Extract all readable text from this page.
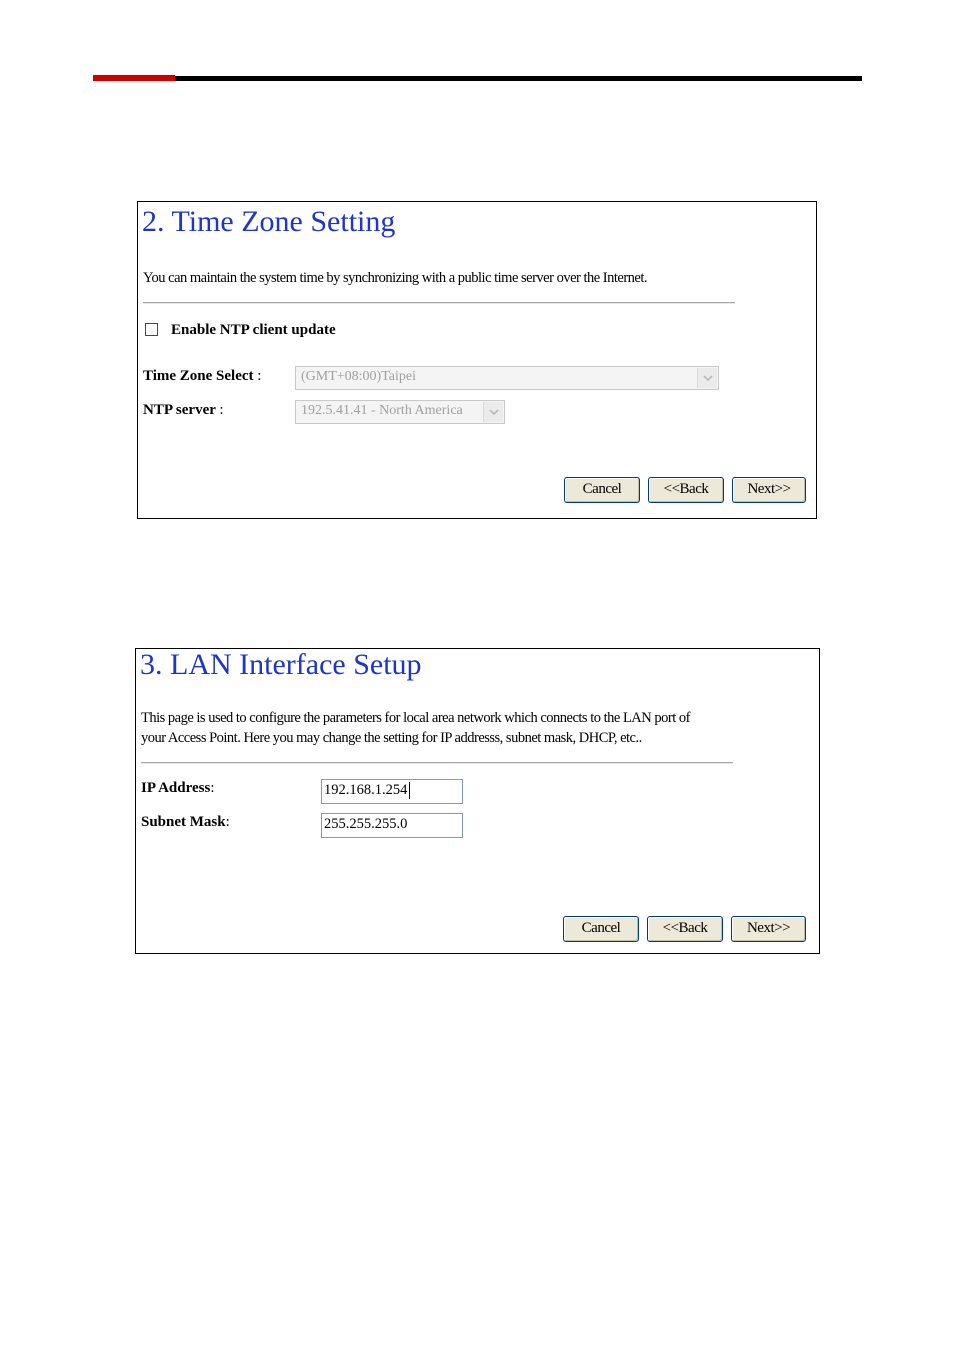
2. Time Zone Setting
You can maintain the system time by synchronizing with a public time server over the Internet.
Enable NTP client update
Time Zone Select :	(GMT+08:00)Taipei
NTP server :	192.5.41.41 - North America
Cancel	<<Back	Next>>
3. LAN Interface Setup
This page is used to configure the parameters for local area network which connects to the LAN port of
your Access Point. Here you may change the setting for IP addresss, subnet mask, DHCP, etc..
IP Address:	192.168.1.254
Subnet Mask:	255.255.255.0
Cancel	<<Back	Next>>
